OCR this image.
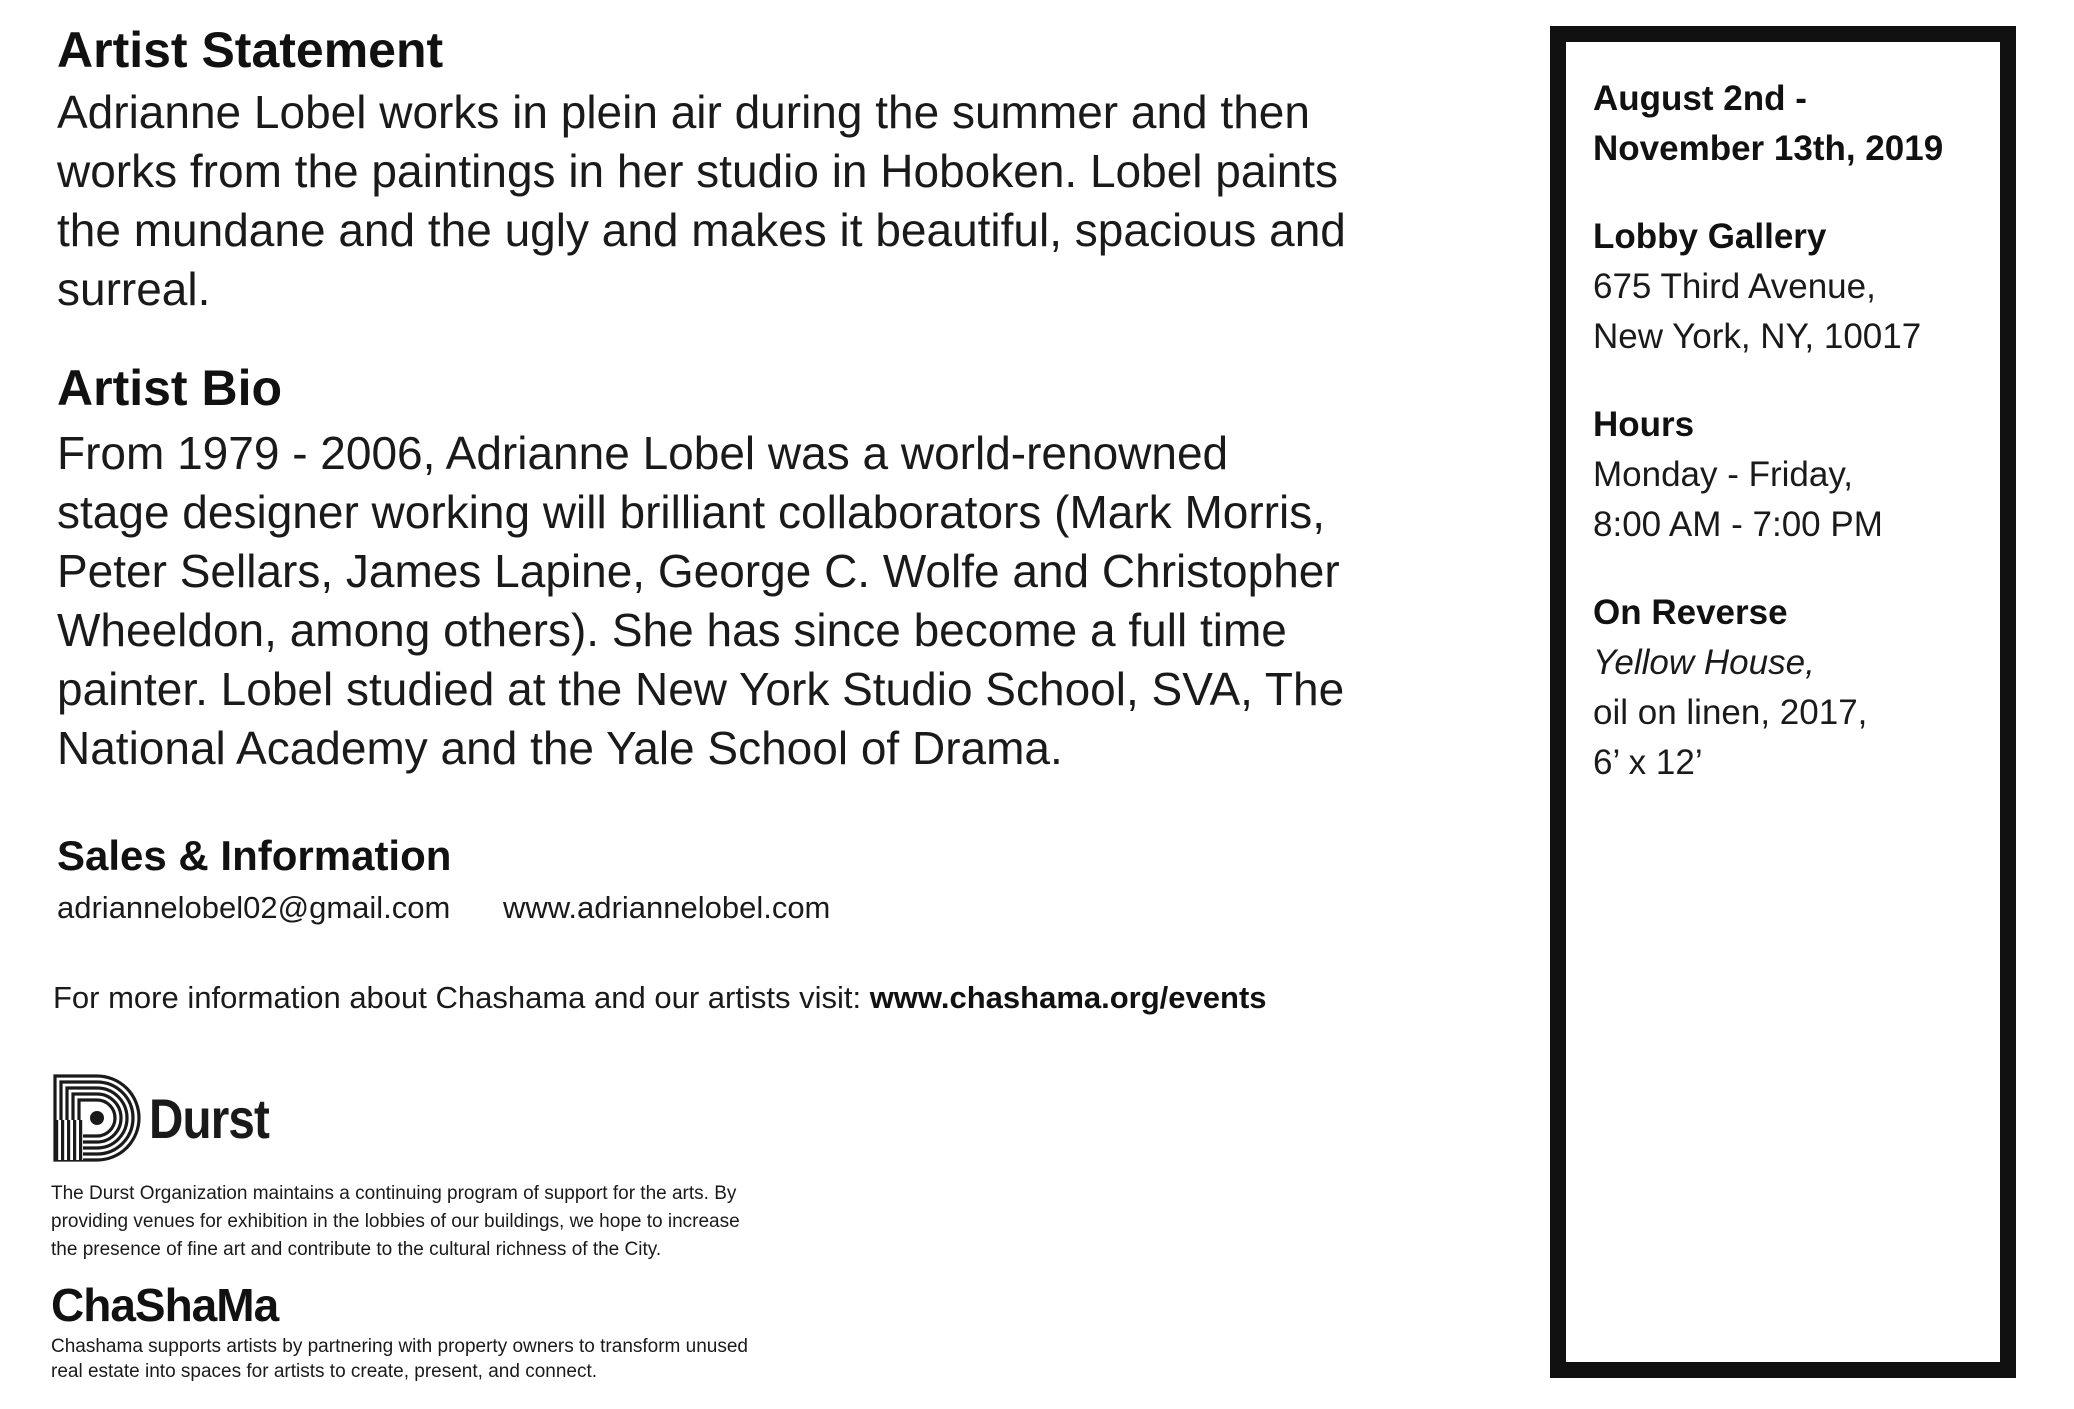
Artist Statement
Adrianne Lobel works in plein air during the summer and then
works from the paintings in her studio in Hoboken. Lobel paints
the mundane and the ugly and makes it beautiful, spacious and
surreal.
Artist Bio
From 1979 - 2006, Adrianne Lobel was a world-renowned
stage designer working will brilliant collaborators (Mark Morris,
Peter Sellars, James Lapine, George C. Wolfe and Christopher
Wheeldon, among others). She has since become a full time
painter. Lobel studied at the New York Studio School, SVA, The
National Academy and the Yale School of Drama.
Sales & Information
adriannelobel02@gmail.com www.adriannelobel.com
For more information about Chashama and our artists visit: www.chashama.org/events
Durst
The Durst Organization maintains a continuing program of support for the arts. By
providing venues for exhibition in the lobbies of our buildings, we hope to increase
the presence of fine art and contribute to the cultural richness of the City.
ChaShaMa
Chashama supports artists by partnering with property owners to transform unused
real estate into spaces for artists to create, present, and connect.
August 2nd -
November 13th, 2019
Lobby Gallery
675 Third Avenue,
New York, NY, 10017
Hours
Monday - Friday,
8:00 AM - 7:00 PM
On Reverse
Yellow House,
oil on linen, 2017,
6’ x 12’
